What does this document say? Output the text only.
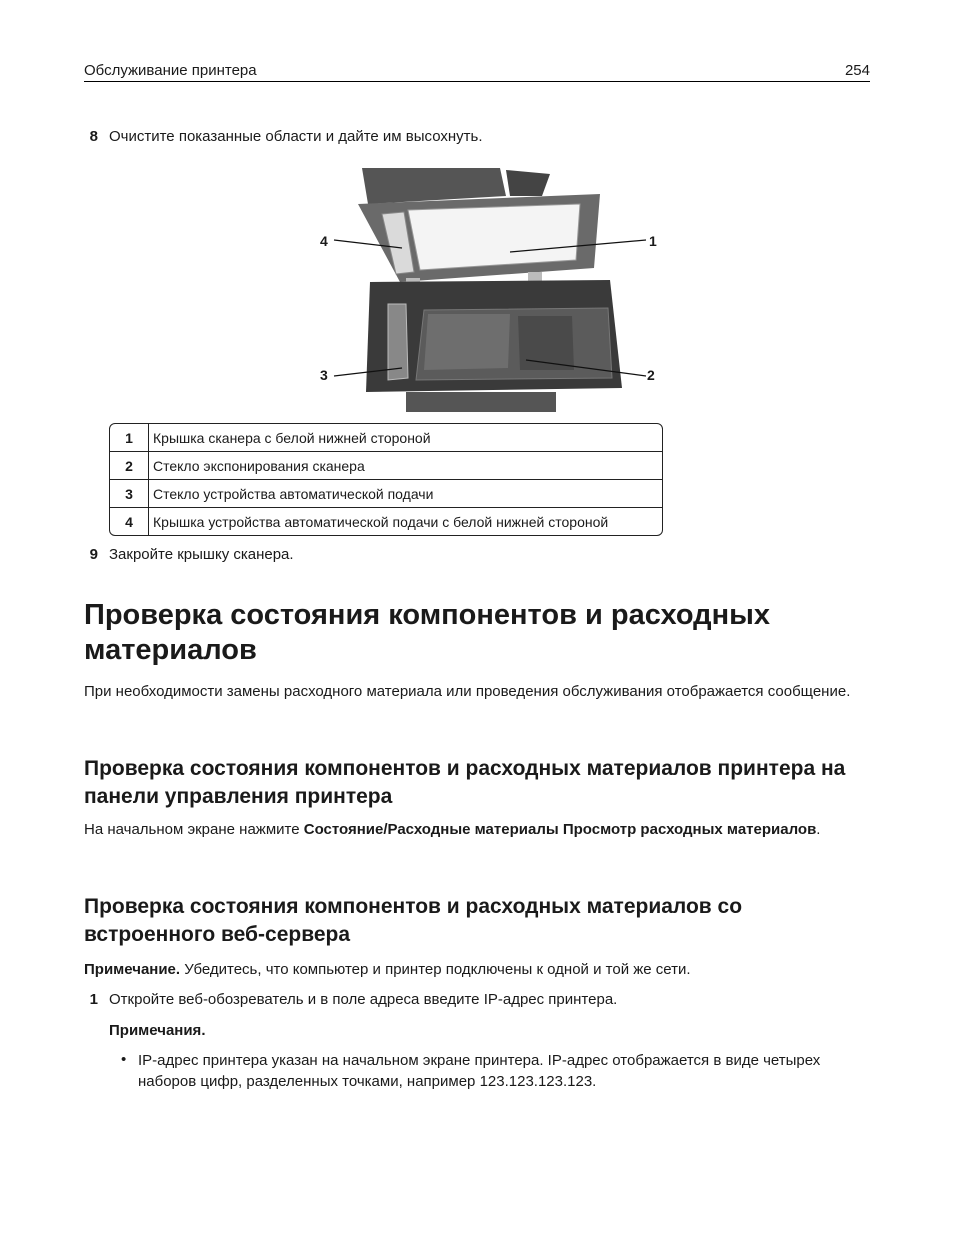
Обслуживание принтера	254
8 Очистите показанные области и дайте им высохнуть.
4	1
3	2
1	Крышка сканера с белой нижней стороной
2	Стекло экспонирования сканера
3	Стекло устройства автоматической подачи
4	Крышка устройства автоматической подачи с белой нижней стороной
9 Закройте крышку сканера.
Проверка состояния компонентов и расходных материалов

При необходимости замены расходного материала или проведения обслуживания отображается сообщение.

Проверка состояния компонентов и расходных материалов принтера на панели управления принтера

На начальном экране нажмите Состояние/Расходные материалы Просмотр расходных материалов.

Проверка состояния компонентов и расходных материалов со встроенного веб-сервера

Примечание. Убедитесь, что компьютер и принтер подключены к одной и той же сети.

1 Откройте веб-обозреватель и в поле адреса введите IP-адрес принтера.

Примечания.

• IP-адрес принтера указан на начальном экране принтера. IP-адрес отображается в виде четырех наборов цифр, разделенных точками, например 123.123.123.123.
